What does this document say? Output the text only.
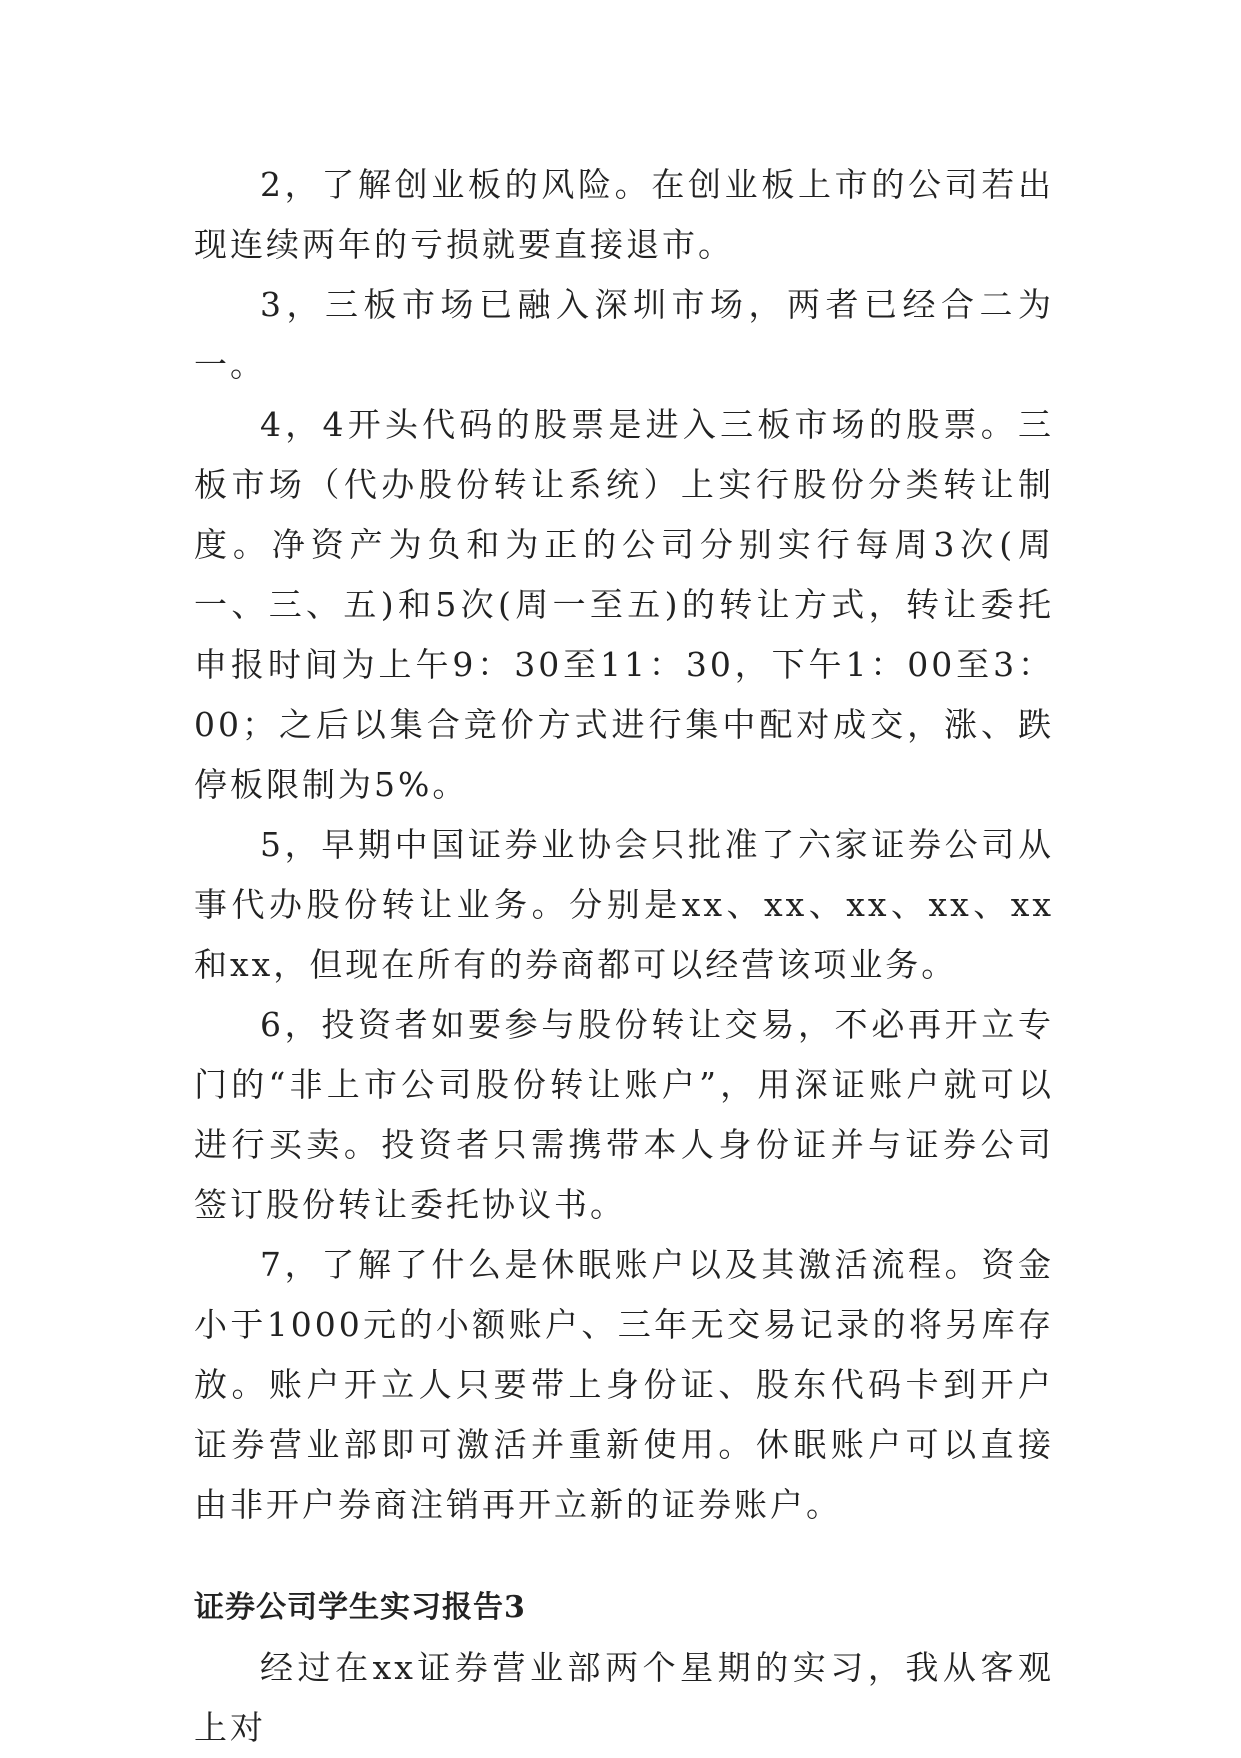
2，了解创业板的风险。在创业板上市的公司若出现连续两年的亏损就要直接退市。

3，三板市场已融入深圳市场，两者已经合二为一。

4，4开头代码的股票是进入三板市场的股票。三板市场（代办股份转让系统）上实行股份分类转让制度。净资产为负和为正的公司分别实行每周3次(周一、三、五)和5次(周一至五)的转让方式，转让委托申报时间为上午9：30至11：30，下午1：00至3：00；之后以集合竞价方式进行集中配对成交，涨、跌停板限制为5%。

5，早期中国证券业协会只批准了六家证券公司从事代办股份转让业务。分别是xx、xx、xx、xx、xx和xx，但现在所有的券商都可以经营该项业务。

6，投资者如要参与股份转让交易，不必再开立专门的“非上市公司股份转让账户”，用深证账户就可以进行买卖。投资者只需携带本人身份证并与证券公司签订股份转让委托协议书。

7，了解了什么是休眠账户以及其激活流程。资金小于1000元的小额账户、三年无交易记录的将另库存放。账户开立人只要带上身份证、股东代码卡到开户证券营业部即可激活并重新使用。休眠账户可以直接由非开户券商注销再开立新的证券账户。

证券公司学生实习报告3

经过在xx证券营业部两个星期的实习，我从客观上对
